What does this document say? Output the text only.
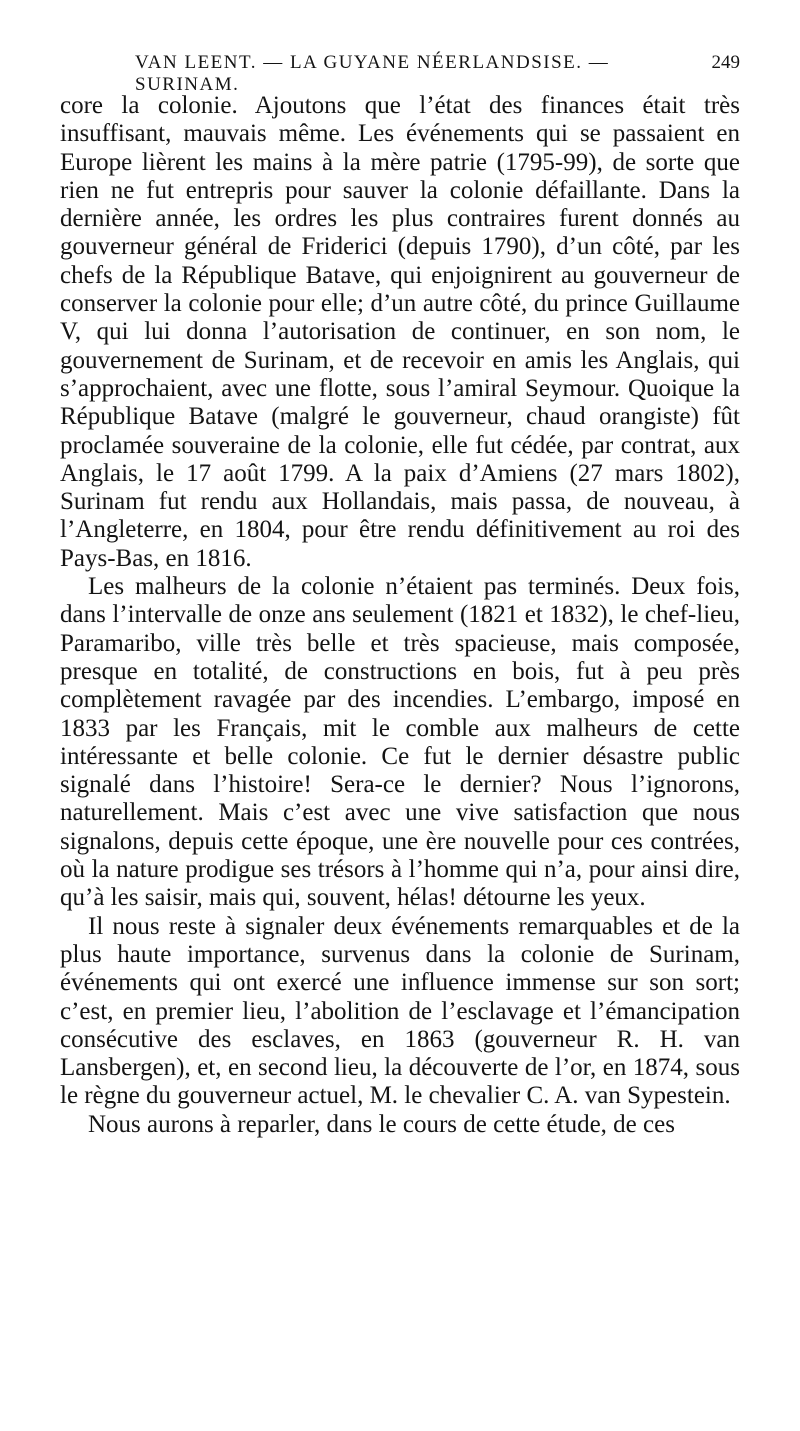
VAN LEENT. — LA GUYANE NÉERLANDSISE. — SURINAM.
249

core la colonie. Ajoutons que l’état des finances était très insuffisant, mauvais même. Les événements qui se passaient en Europe lièrent les mains à la mère patrie (1795-99), de sorte que rien ne fut entrepris pour sauver la colonie défaillante. Dans la dernière année, les ordres les plus contraires furent donnés au gouverneur général de Friderici (depuis 1790), d’un côté, par les chefs de la République Batave, qui enjoignirent au gouverneur de conserver la colonie pour elle; d’un autre côté, du prince Guillaume V, qui lui donna l’autorisation de continuer, en son nom, le gouvernement de Surinam, et de recevoir en amis les Anglais, qui s’approchaient, avec une flotte, sous l’amiral Seymour. Quoique la République Batave (malgré le gouverneur, chaud orangiste) fût proclamée souveraine de la colonie, elle fut cédée, par contrat, aux Anglais, le 17 août 1799. A la paix d’Amiens (27 mars 1802), Surinam fut rendu aux Hollandais, mais passa, de nouveau, à l’Angleterre, en 1804, pour être rendu définitivement au roi des Pays-Bas, en 1816.

Les malheurs de la colonie n’étaient pas terminés. Deux fois, dans l’intervalle de onze ans seulement (1821 et 1832), le chef-lieu, Paramaribo, ville très belle et très spacieuse, mais composée, presque en totalité, de constructions en bois, fut à peu près complètement ravagée par des incendies. L’embargo, imposé en 1833 par les Français, mit le comble aux malheurs de cette intéressante et belle colonie. Ce fut le dernier désastre public signalé dans l’histoire! Sera-ce le dernier? Nous l’ignorons, naturellement. Mais c’est avec une vive satisfaction que nous signalons, depuis cette époque, une ère nouvelle pour ces contrées, où la nature prodigue ses trésors à l’homme qui n’a, pour ainsi dire, qu’à les saisir, mais qui, souvent, hélas! détourne les yeux.

Il nous reste à signaler deux événements remarquables et de la plus haute importance, survenus dans la colonie de Surinam, événements qui ont exercé une influence immense sur son sort; c’est, en premier lieu, l’abolition de l’esclavage et l’émancipation consécutive des esclaves, en 1863 (gouverneur R. H. van Lansbergen), et, en second lieu, la découverte de l’or, en 1874, sous le règne du gouverneur actuel, M. le chevalier C. A. van Sypestein.

Nous aurons à reparler, dans le cours de cette étude, de ces
